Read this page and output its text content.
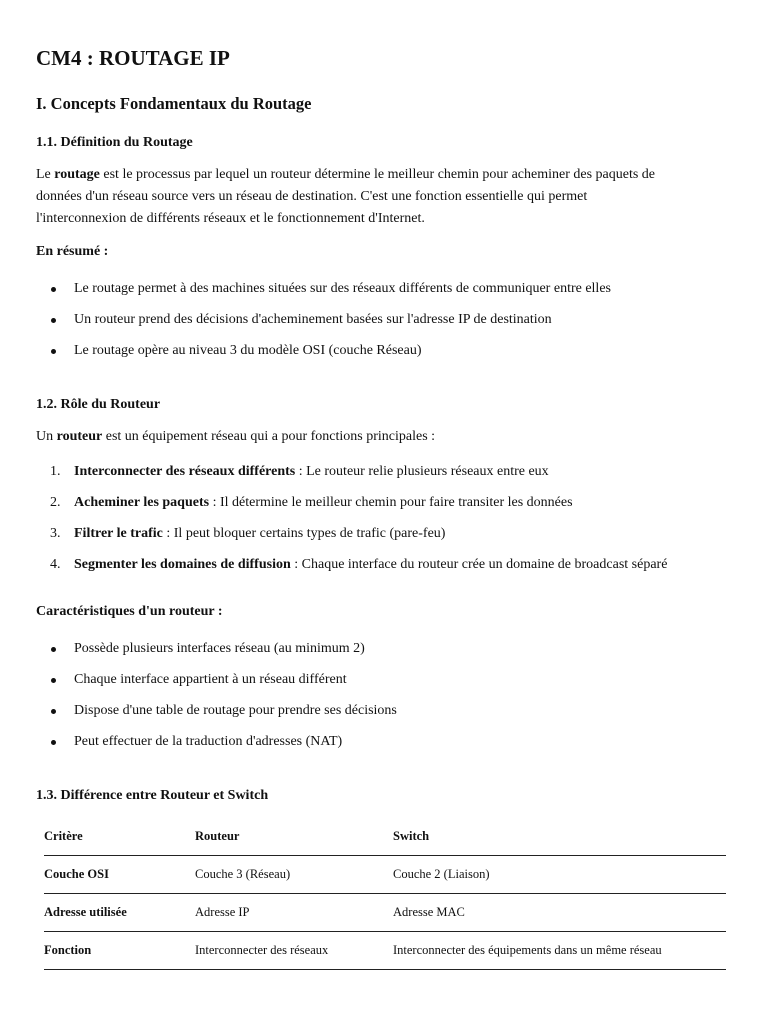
CM4 : ROUTAGE IP
I. Concepts Fondamentaux du Routage
1.1. Définition du Routage

Le routage est le processus par lequel un routeur détermine le meilleur chemin pour acheminer des paquets de

données d'un réseau source vers un réseau de destination. C'est une fonction essentielle qui permet

l'interconnexion de différents réseaux et le fonctionnement d'Internet.

En résumé :
Le routage permet à des machines situées sur des réseaux différents de communiquer entre elles
Un routeur prend des décisions d'acheminement basées sur l'adresse IP de destination
Le routage opère au niveau 3 du modèle OSI (couche Réseau)
1.2. Rôle du Routeur

Un routeur est un équipement réseau qui a pour fonctions principales :

1. Interconnecter des réseaux différents : Le routeur relie plusieurs réseaux entre eux
2. Acheminer les paquets : Il détermine le meilleur chemin pour faire transiter les données
3. Filtrer le trafic : Il peut bloquer certains types de trafic (pare-feu)
4. Segmenter les domaines de diffusion : Chaque interface du routeur crée un domaine de broadcast séparé
Caractéristiques d'un routeur :
Possède plusieurs interfaces réseau (au minimum 2)
Chaque interface appartient à un réseau différent
Dispose d'une table de routage pour prendre ses décisions
Peut effectuer de la traduction d'adresses (NAT)
1.3. Différence entre Routeur et Switch
Critère	Routeur	Switch
Couche OSI	Couche 3 (Réseau)	Couche 2 (Liaison)
Adresse utilisée	Adresse IP	Adresse MAC
Fonction	Interconnecter des réseaux	Interconnecter des équipements dans un même réseau
